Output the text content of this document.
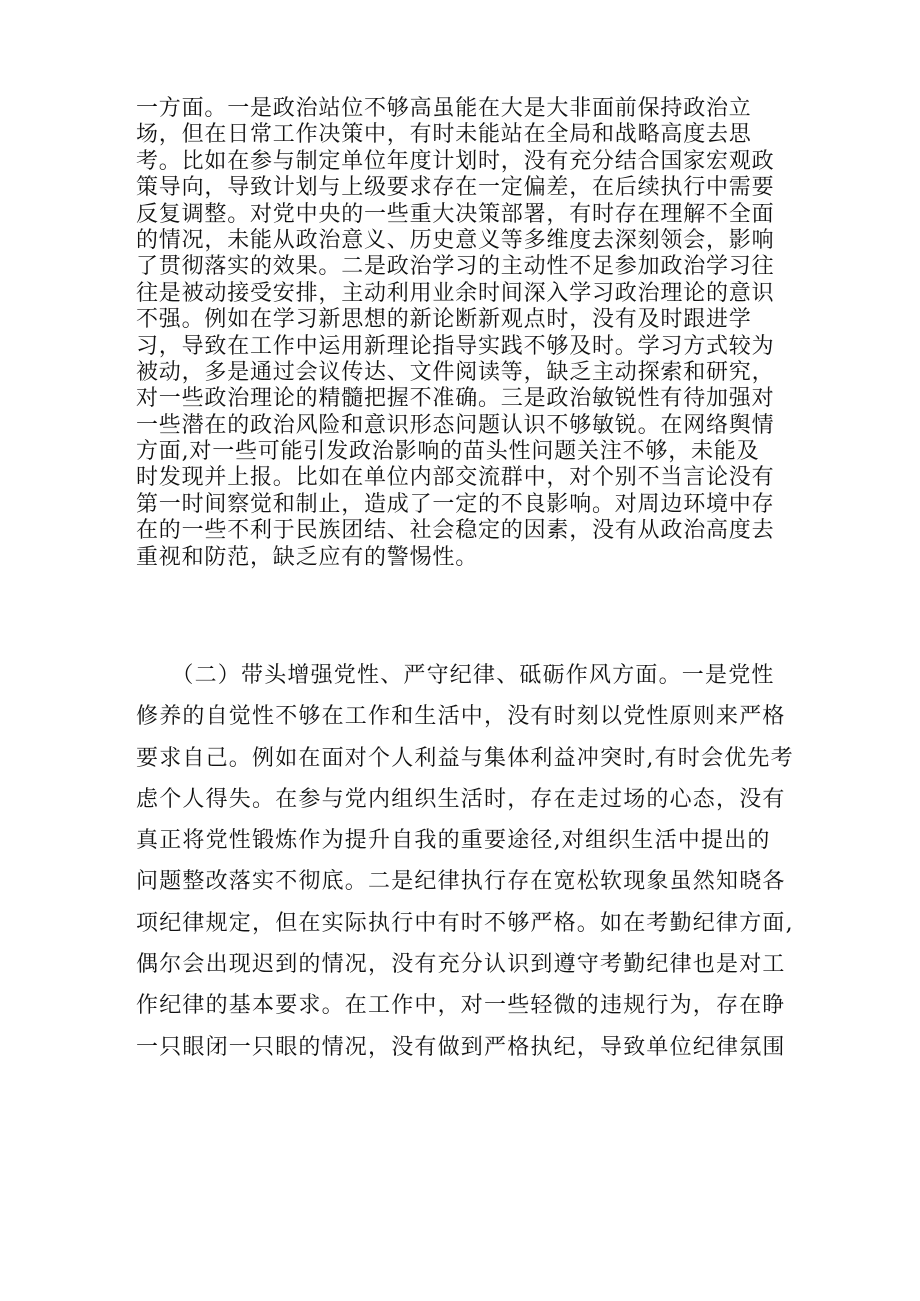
一方面。一是政治站位不够高虽能在大是大非面前保持政治立
场，但在日常工作决策中，有时未能站在全局和战略高度去思
考。比如在参与制定单位年度计划时，没有充分结合国家宏观政
策导向，导致计划与上级要求存在一定偏差，在后续执行中需要
反复调整。对党中央的一些重大决策部署，有时存在理解不全面
的情况，未能从政治意义、历史意义等多维度去深刻领会，影响
了贯彻落实的效果。二是政治学习的主动性不足参加政治学习往
往是被动接受安排，主动利用业余时间深入学习政治理论的意识
不强。例如在学习新思想的新论断新观点时，没有及时跟进学
习，导致在工作中运用新理论指导实践不够及时。学习方式较为
被动，多是通过会议传达、文件阅读等，缺乏主动探索和研究，
对一些政治理论的精髓把握不准确。三是政治敏锐性有待加强对
一些潜在的政治风险和意识形态问题认识不够敏锐。在网络舆情
方面,对一些可能引发政治影响的苗头性问题关注不够，未能及
时发现并上报。比如在单位内部交流群中，对个别不当言论没有
第一时间察觉和制止，造成了一定的不良影响。对周边环境中存
在的一些不利于民族团结、社会稳定的因素，没有从政治高度去
重视和防范，缺乏应有的警惕性。
　　（二）带头增强党性、严守纪律、砥砺作风方面。一是党性
修养的自觉性不够在工作和生活中，没有时刻以党性原则来严格
要求自己。例如在面对个人利益与集体利益冲突时,有时会优先考
虑个人得失。在参与党内组织生活时，存在走过场的心态，没有
真正将党性锻炼作为提升自我的重要途径,对组织生活中提出的
问题整改落实不彻底。二是纪律执行存在宽松软现象虽然知晓各
项纪律规定，但在实际执行中有时不够严格。如在考勤纪律方面,
偶尔会出现迟到的情况，没有充分认识到遵守考勤纪律也是对工
作纪律的基本要求。在工作中，对一些轻微的违规行为，存在睁
一只眼闭一只眼的情况，没有做到严格执纪，导致单位纪律氛围
